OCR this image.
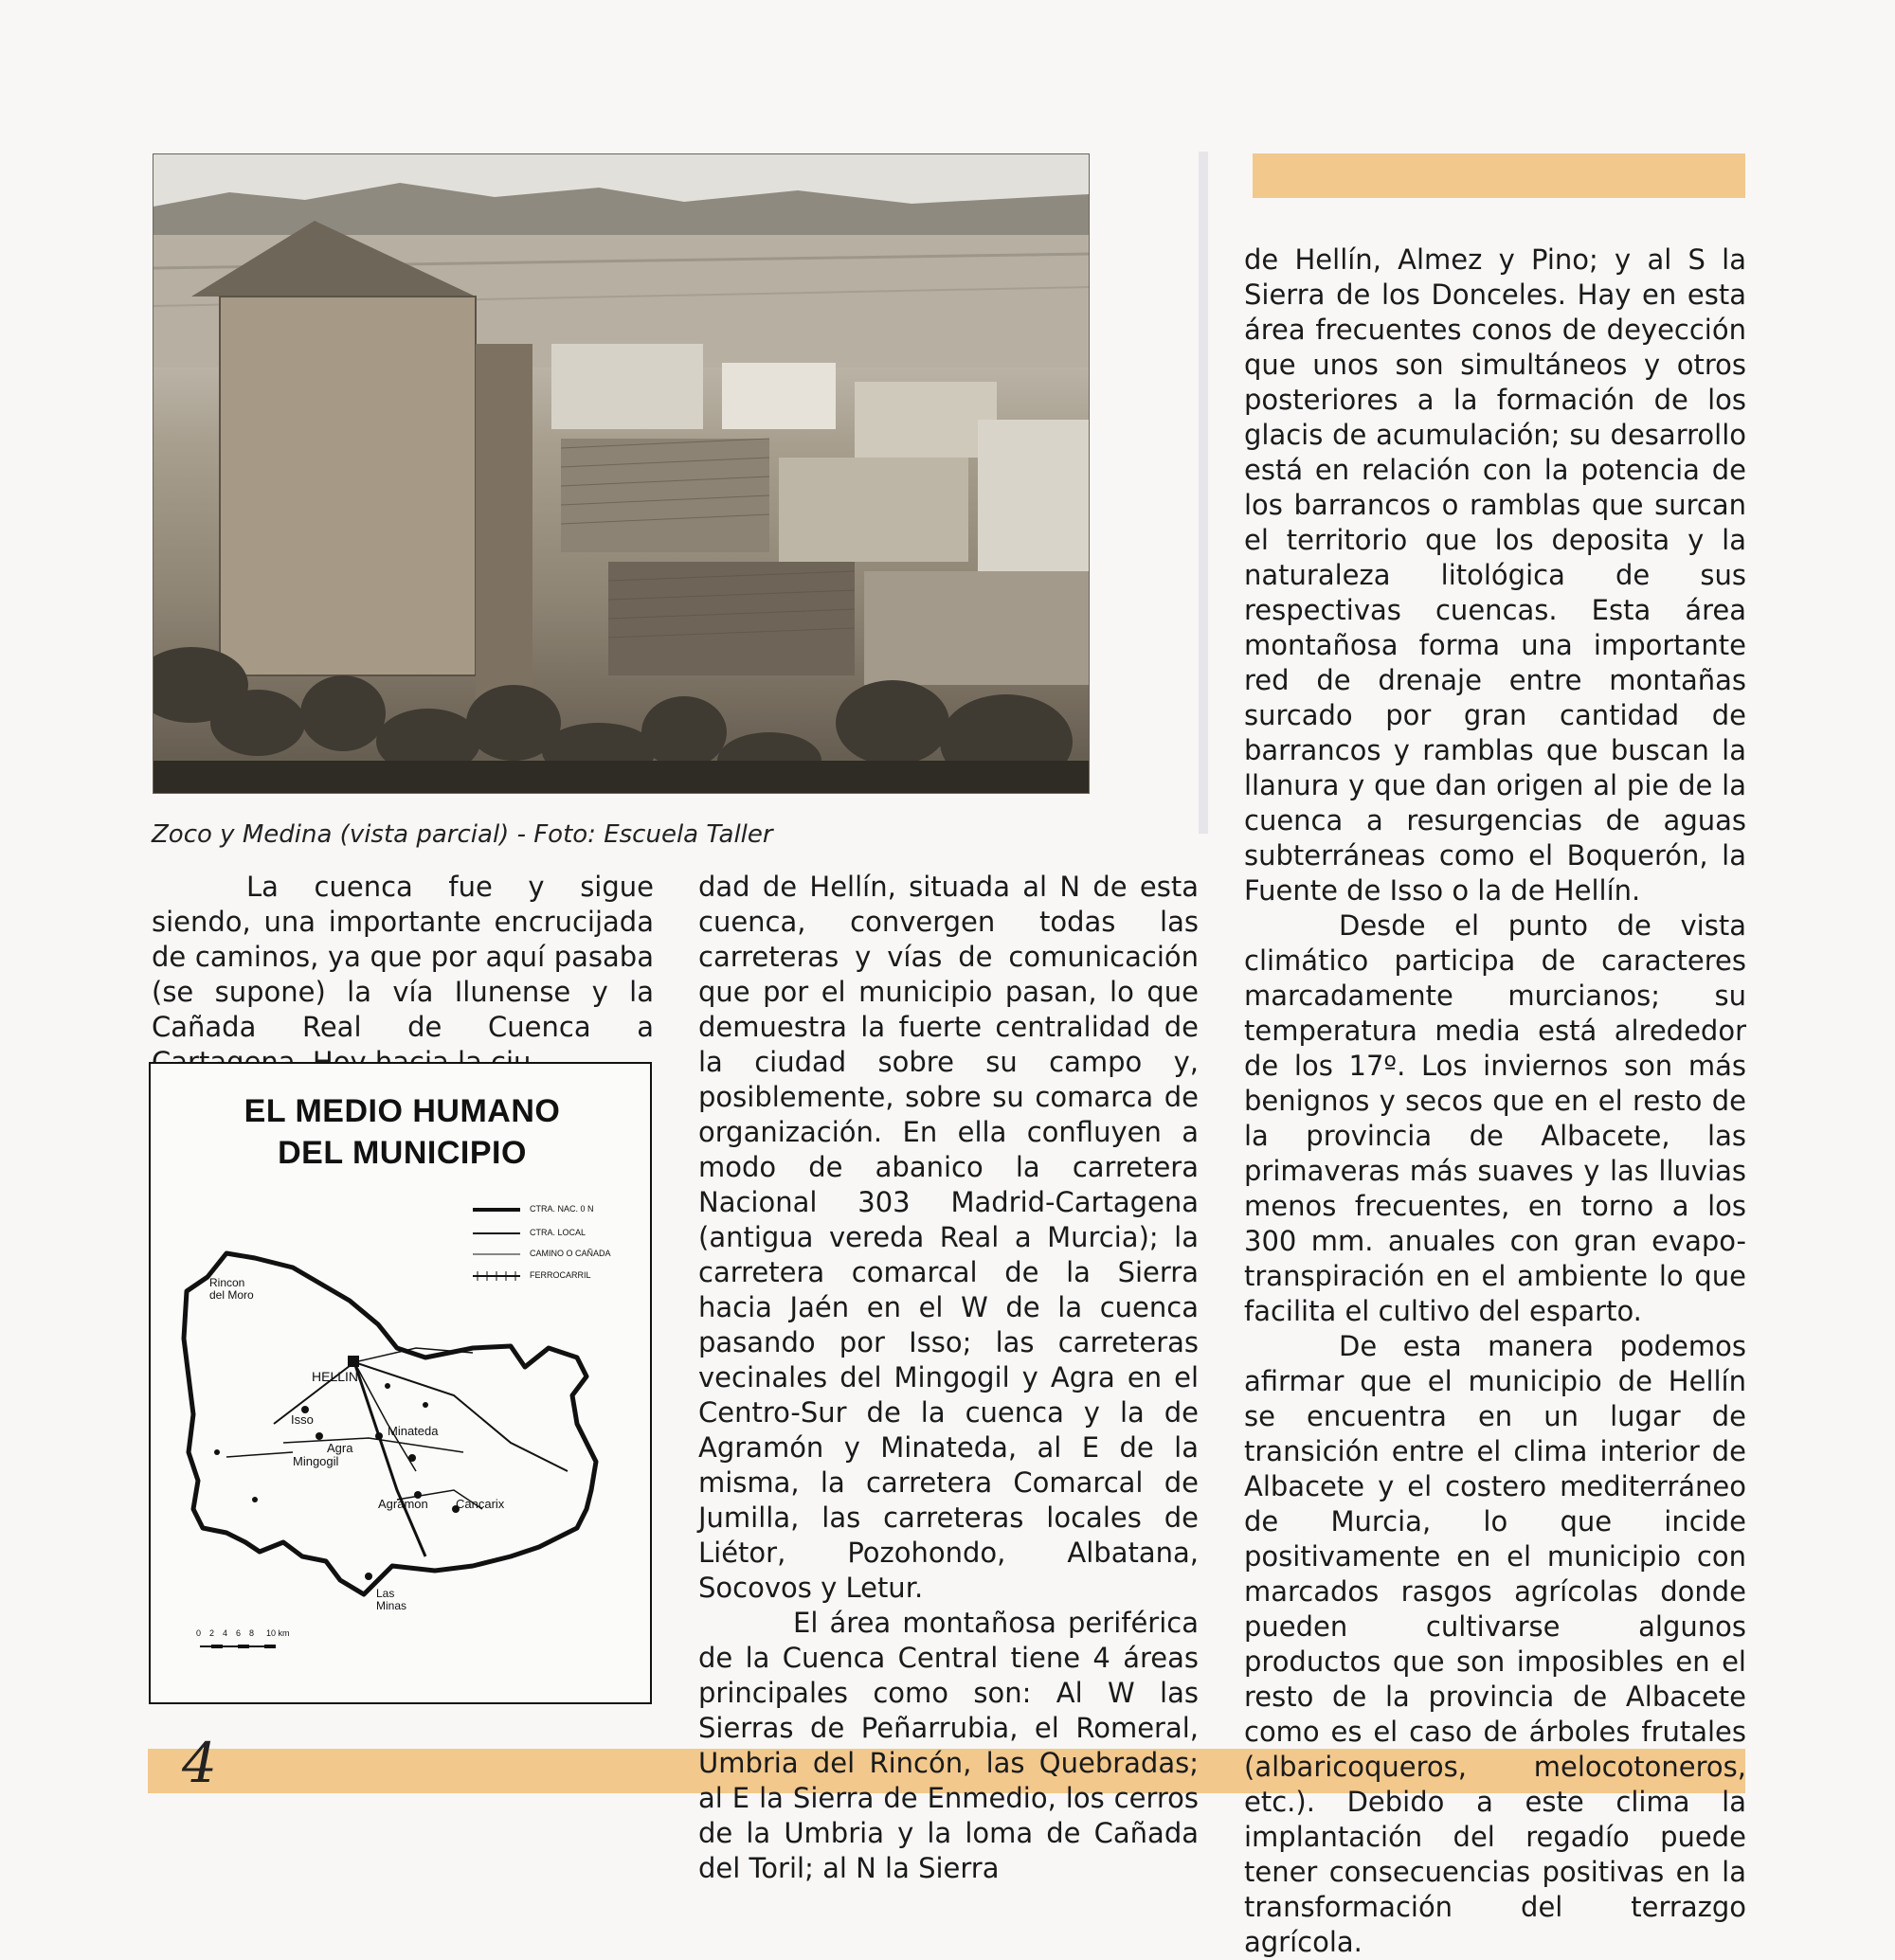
Zoco y Medina (vista parcial) - Foto: Escuela Taller

La cuenca fue y sigue siendo, una importante encrucijada de caminos, ya que por aquí pasaba (se supone) la vía Ilunense y la Cañada Real de Cuenca a

EL MEDIO HUMANO
DEL MUNICIPIO
CTRA. NAC. 0 N
CTRA. LOCAL
CAMINO O CAÑADA
FERROCARRIL
Rincon del Moro
HELLIN
Isso
Minateda
Agra
Mingogil
Agramon Cancarix
Las Minas
0 2 4 6 8 10 km

dad de Hellín, situada al N de esta cuenca, convergen todas las carreteras y vías de comunicación que por el municipio pasan, lo que demuestra la fuerte centralidad de la ciudad sobre su campo y, posiblemente, sobre su comarca de organización. En ella confluyen a modo de abanico la carretera Nacional 303 Madrid-Cartagena (antigua vereda Real a Murcia); la carretera comarcal de la Sierra hacia Jaén en el W de la cuenca pasando por Isso; las carreteras vecinales del Mingogil y Agra en el Centro-Sur de la cuenca y la de Agramón y Minateda, al E de la misma, la carretera Comarcal de Jumilla, las carreteras locales de Liétor, Pozohondo, Albatana, Socovos y Letur.

El área montañosa periférica de la Cuenca Central tiene 4 áreas principales como son: Al W las Sierras de Peñarrubia, el Romeral, Umbria del Rincón, las Quebradas; al E la Sierra de Enmedio, los cerros de la Umbria y la loma de Cañada del Toril; al N la Sierra

de Hellín, Almez y Pino; y al S la Sierra de los Donceles. Hay en esta área frecuentes conos de deyección que unos son simultáneos y otros posteriores a la formación de los glacis de acumulación; su desarrollo está en relación con la potencia de los barrancos o ramblas que surcan el territorio que los deposita y la naturaleza litológica de sus respectivas cuencas. Esta área montañosa forma una importante red de drenaje entre montañas surcado por gran cantidad de barrancos y ramblas que buscan la llanura y que dan origen al pie de la cuenca a resurgencias de aguas subterráneas como el Boquerón, la Fuente de Isso o la de Hellín.

Desde el punto de vista climático participa de caracteres marcadamente murcianos; su temperatura media está alrededor de los 17º. Los inviernos son más benignos y secos que en el resto de la provincia de Albacete, las primaveras más suaves y las lluvias menos frecuentes, en torno a los 300 mm. anuales con gran evapo-transpiración en el ambiente lo que facilita el cultivo del esparto.

De esta manera podemos afirmar que el municipio de Hellín se encuentra en un lugar de transición entre el clima interior de Albacete y el costero mediterráneo de Murcia, lo que incide positivamente en el municipio con marcados rasgos agrícolas donde pueden cultivarse algunos productos que son imposibles en el resto de la provincia de Albacete como es el caso de árboles frutales (albaricoqueros, melocotoneros, etc.). Debido a este clima la implantación del regadío puede tener consecuencias positivas en la transformación del terrazgo agrícola.

4
